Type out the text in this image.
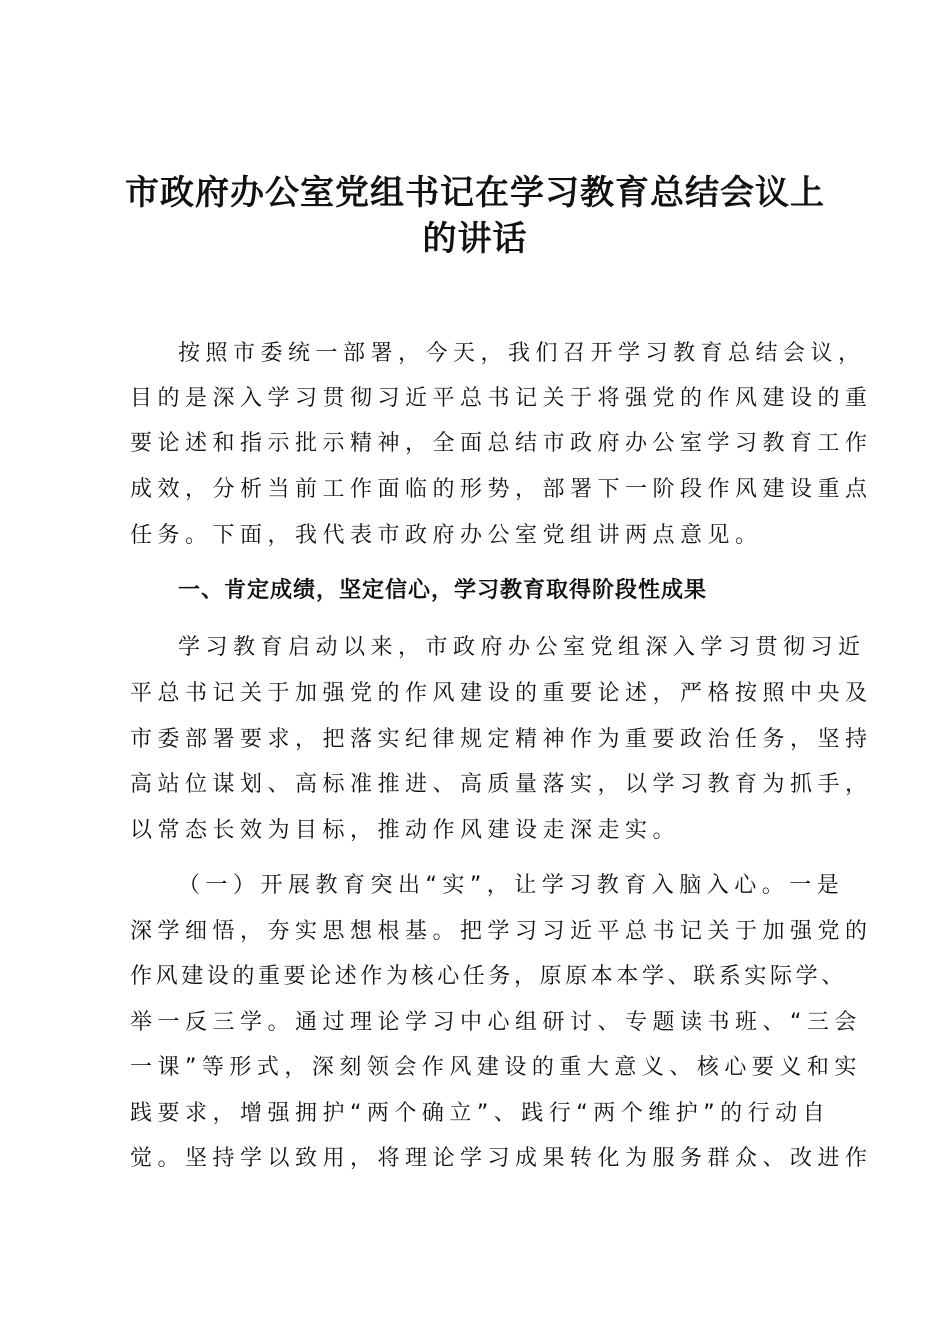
市政府办公室党组书记在学习教育总结会议上
的讲话
按照市委统一部署，今天，我们召开学习教育总结会议，
目的是深入学习贯彻习近平总书记关于将强党的作风建设的重
要论述和指示批示精神，全面总结市政府办公室学习教育工作
成效，分析当前工作面临的形势，部署下一阶段作风建设重点
任务。下面，我代表市政府办公室党组讲两点意见。
一、肯定成绩，坚定信心，学习教育取得阶段性成果
学习教育启动以来，市政府办公室党组深入学习贯彻习近
平总书记关于加强党的作风建设的重要论述，严格按照中央及
市委部署要求，把落实纪律规定精神作为重要政治任务，坚持
高站位谋划、高标准推进、高质量落实，以学习教育为抓手，
以常态长效为目标，推动作风建设走深走实。
（一）开展教育突出“实”，让学习教育入脑入心。一是
深学细悟，夯实思想根基。把学习习近平总书记关于加强党的
作风建设的重要论述作为核心任务，原原本本学、联系实际学、
举一反三学。通过理论学习中心组研讨、专题读书班、“三会
一课”等形式，深刻领会作风建设的重大意义、核心要义和实
践要求，增强拥护“两个确立”、践行“两个维护”的行动自
觉。坚持学以致用，将理论学习成果转化为服务群众、改进作
